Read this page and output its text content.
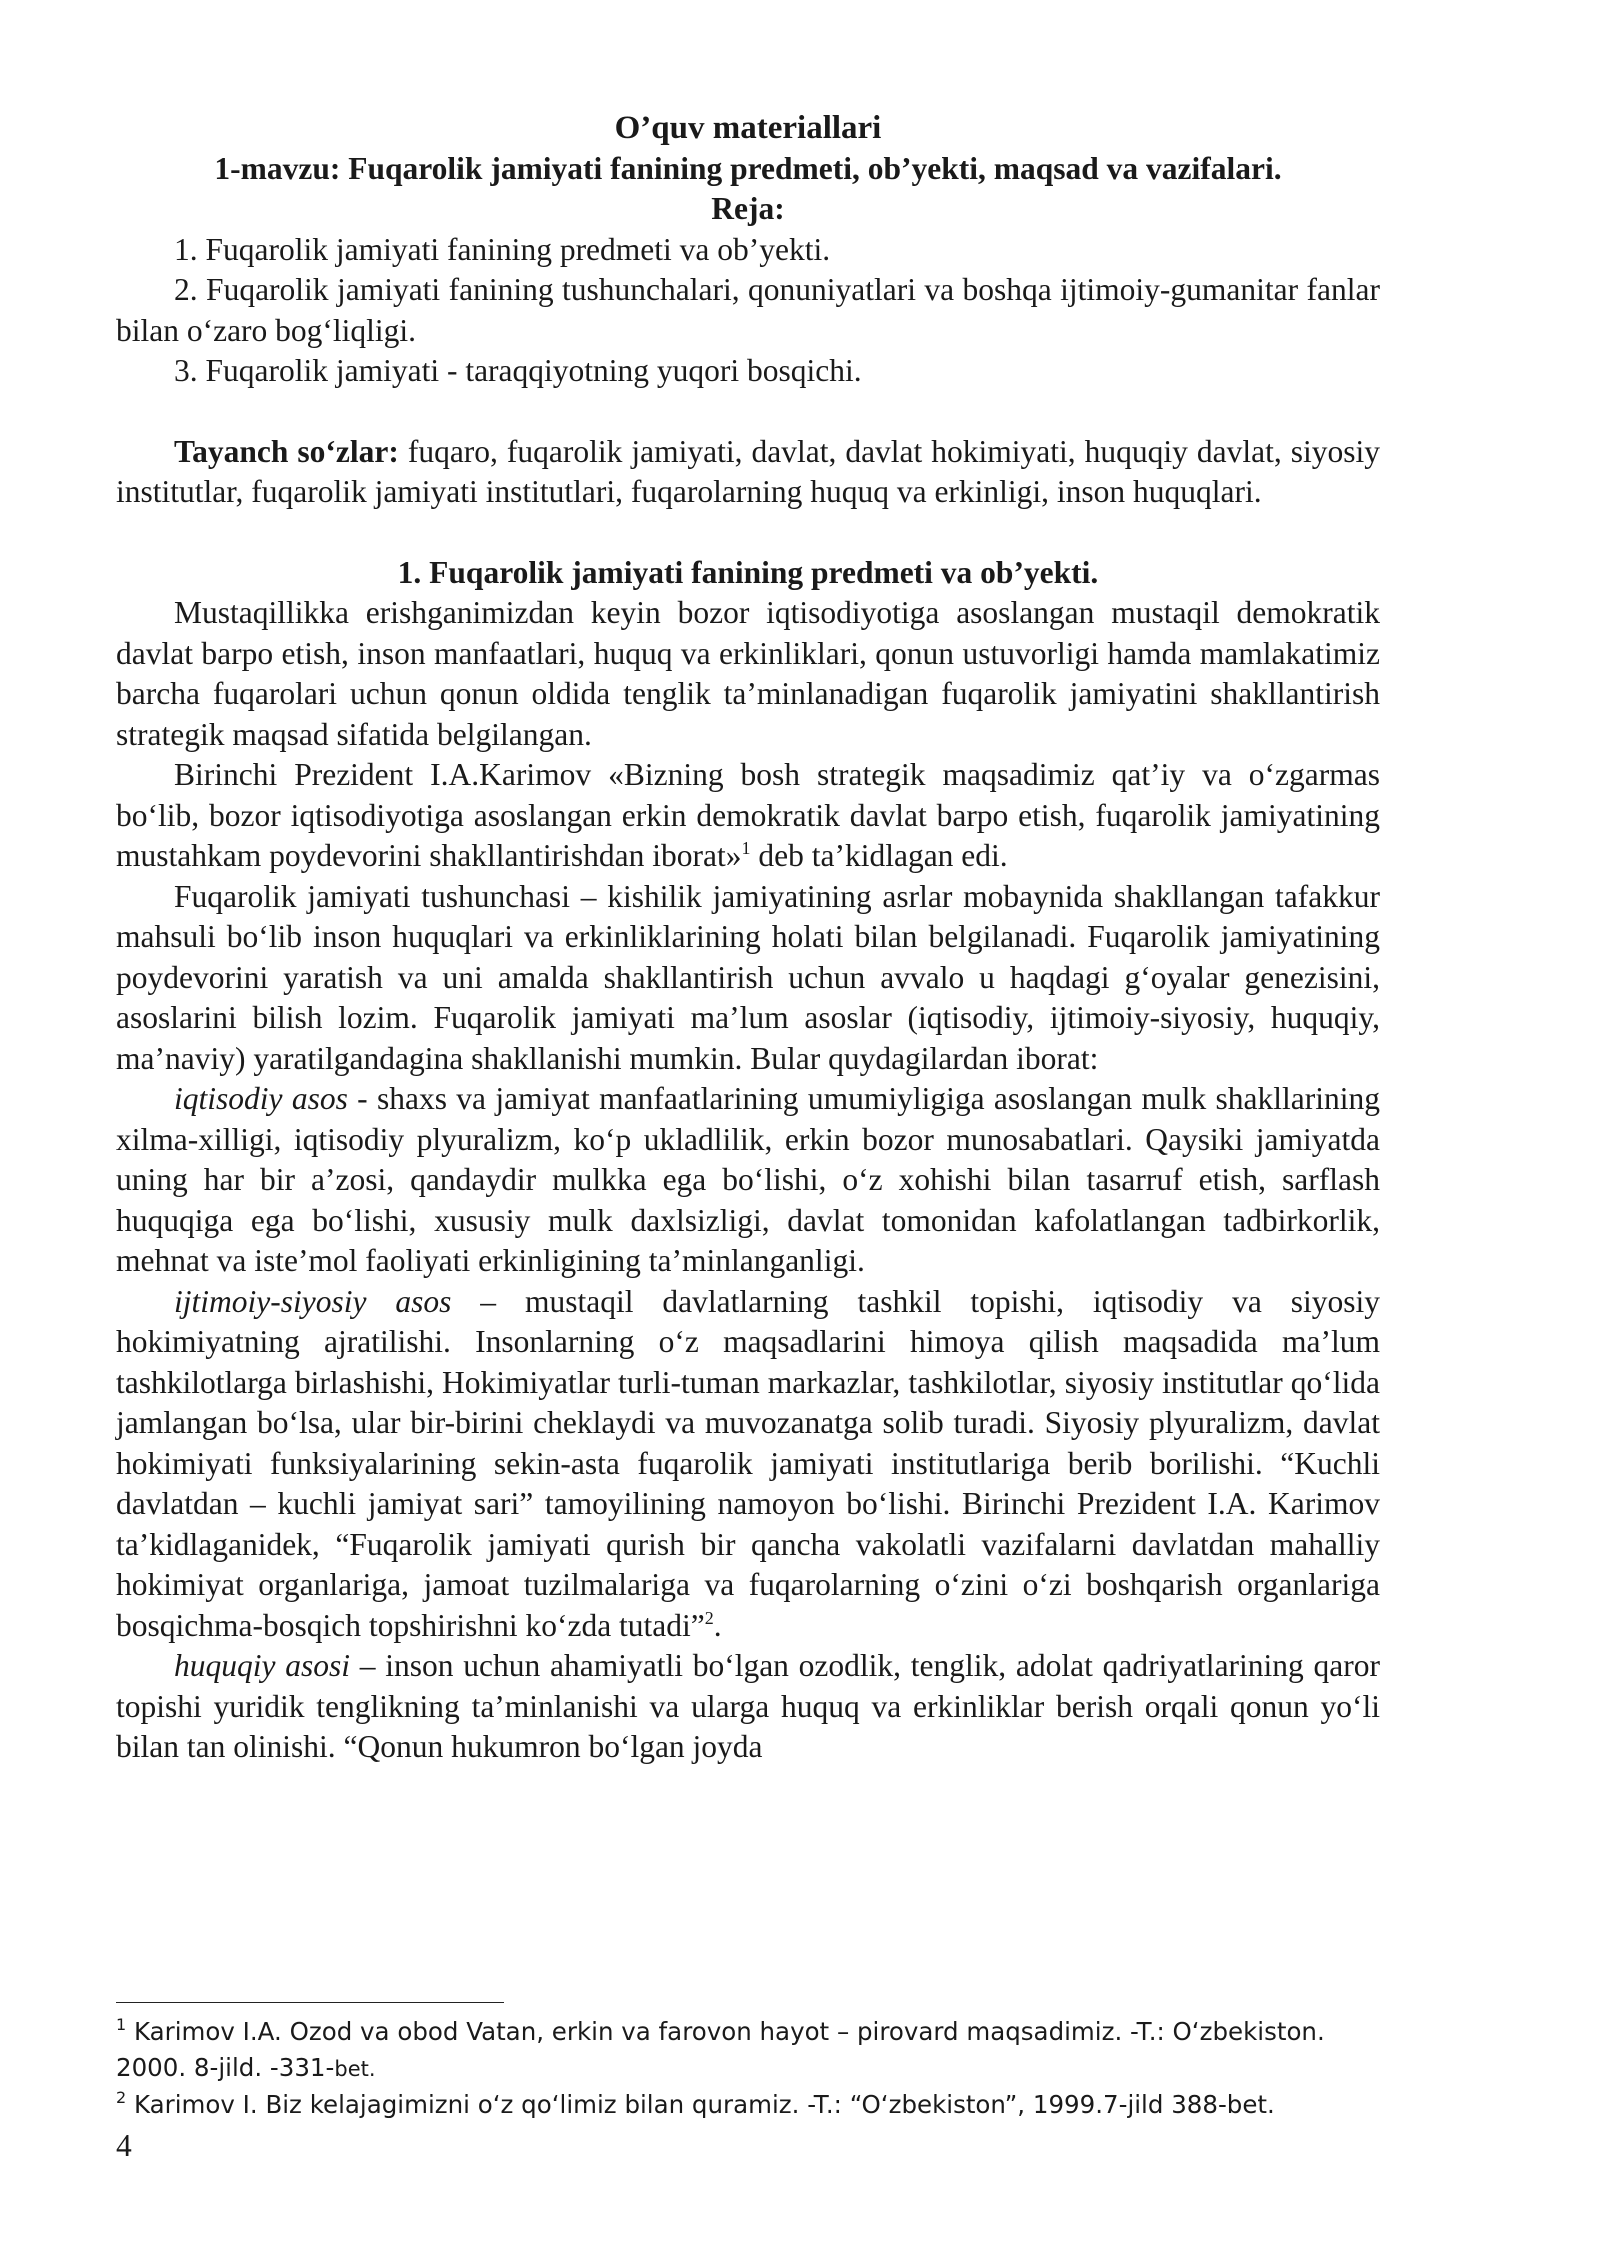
O’quv materiallari
1-mavzu: Fuqarolik jamiyati fanining predmeti, ob’yekti, maqsad va vazifalari.
Reja:

1. Fuqarolik jamiyati fanining predmeti va ob’yekti.

2. Fuqarolik jamiyati fanining tushunchalari, qonuniyatlari va boshqa ijtimoiy-gumanitar fanlar bilan o‘zaro bog‘liqligi.

3. Fuqarolik jamiyati - taraqqiyotning yuqori bosqichi.

Tayanch so‘zlar: fuqaro, fuqarolik jamiyati, davlat, davlat hokimiyati, huquqiy davlat, siyosiy institutlar, fuqarolik jamiyati institutlari, fuqarolarning huquq va erkinligi, inson huquqlari.

1. Fuqarolik jamiyati fanining predmeti va ob’yekti.

Mustaqillikka erishganimizdan keyin bozor iqtisodiyotiga asoslangan mustaqil demokratik davlat barpo etish, inson manfaatlari, huquq va erkinliklari, qonun ustuvorligi hamda mamlakatimiz barcha fuqarolari uchun qonun oldida tenglik ta’minlanadigan fuqarolik jamiyatini shakllantirish strategik maqsad sifatida belgilangan.

Birinchi Prezident I.A.Karimov «Bizning bosh strategik maqsadimiz qat’iy va o‘zgarmas bo‘lib, bozor iqtisodiyotiga asoslangan erkin demokratik davlat barpo etish, fuqarolik jamiyatining mustahkam poydevorini shakllantirishdan iborat»$^1$ deb ta’kidlagan edi.

Fuqarolik jamiyati tushunchasi – kishilik jamiyatining asrlar mobaynida shakllangan tafakkur mahsuli bo‘lib inson huquqlari va erkinliklarining holati bilan belgilanadi. Fuqarolik jamiyatining poydevorini yaratish va uni amalda shakllantirish uchun avvalo u haqdagi g‘oyalar genezisini, asoslarini bilish lozim. Fuqarolik jamiyati ma’lum asoslar (iqtisodiy, ijtimoiy-siyosiy, huquqiy, ma’naviy) yaratilgandagina shakllanishi mumkin. Bular quydagilardan iborat:

iqtisodiy asos - shaxs va jamiyat manfaatlarining umumiyligiga asoslangan mulk shakllarining xilma-xilligi, iqtisodiy plyuralizm, ko‘p ukladlilik, erkin bozor munosabatlari. Qaysiki jamiyatda uning har bir a’zosi, qandaydir mulkka ega bo‘lishi, o‘z xohishi bilan tasarruf etish, sarflash huquqiga ega bo‘lishi, xususiy mulk daxlsizligi, davlat tomonidan kafolatlangan tadbirkorlik, mehnat va iste’mol faoliyati erkinligining ta’minlanganligi.

ijtimoiy-siyosiy asos – mustaqil davlatlarning tashkil topishi, iqtisodiy va siyosiy hokimiyatning ajratilishi. Insonlarning o‘z maqsadlarini himoya qilish maqsadida ma’lum tashkilotlarga birlashishi, Hokimiyatlar turli-tuman markazlar, tashkilotlar, siyosiy institutlar qo‘lida jamlangan bo‘lsa, ular bir-birini cheklaydi va muvozanatga solib turadi. Siyosiy plyuralizm, davlat hokimiyati funksiyalarining sekin-asta fuqarolik jamiyati institutlariga berib borilishi. “Kuchli davlatdan – kuchli jamiyat sari” tamoyilining namoyon bo‘lishi. Birinchi Prezident I.A. Karimov ta’kidlaganidek, “Fuqarolik jamiyati qurish bir qancha vakolatli vazifalarni davlatdan mahalliy hokimiyat organlariga, jamoat tuzilmalariga va fuqarolarning o‘zini o‘zi boshqarish organlariga bosqichma-bosqich topshirishni ko‘zda tutadi”$^2$.

huquqiy asosi – inson uchun ahamiyatli bo‘lgan ozodlik, tenglik, adolat qadriyatlarining qaror topishi yuridik tenglikning ta’minlanishi va ularga huquq va erkinliklar berish orqali qonun yo‘li bilan tan olinishi. “Qonun hukumron bo‘lgan joyda

$^1$ Karimov I.A. Ozod va obod Vatan, erkin va farovon hayot – pirovard maqsadimiz. -T.: O‘zbekiston. 2000. 8-jild. -331-bet.

$^2$ Karimov I. Biz kelajagimizni o‘z qo‘limiz bilan quramiz. -T.: “O‘zbekiston”, 1999.7-jild 388-bet.

4
